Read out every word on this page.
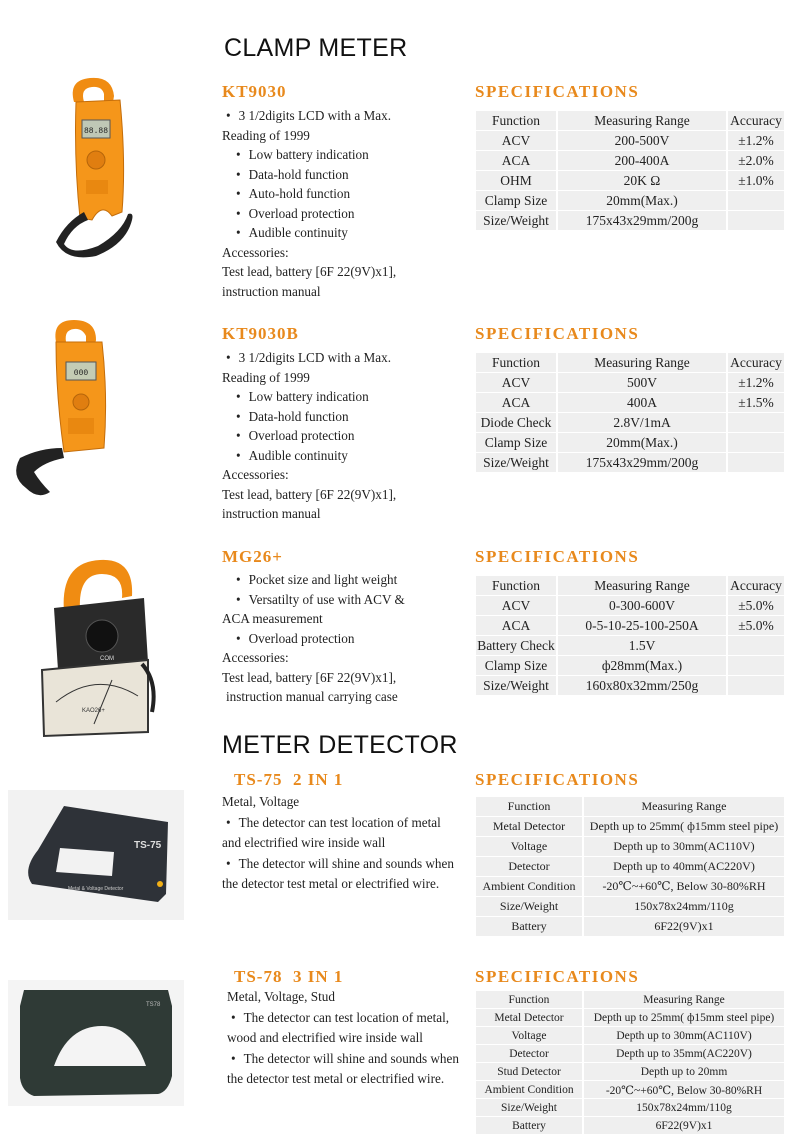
CLAMP METER
88.88
KT9030
• 3 1/2digits LCD with a Max.
Reading of 1999
• Low battery indication
• Data-hold function
• Auto-hold function
• Overload protection
• Audible continuity
Accessories:
Test lead, battery [6F 22(9V)x1],
instruction manual
SPECIFICATIONS
Function	Measuring Range	Accuracy
ACV	200-500V	±1.2%
ACA	200-400A	±2.0%
OHM	20K Ω	±1.0%
Clamp Size	20mm(Max.)	
Size/Weight	175x43x29mm/200g	
000
KT9030B
• 3 1/2digits LCD with a Max.
Reading of 1999
• Low battery indication
• Data-hold function
• Overload protection
• Audible continuity
Accessories:
Test lead, battery [6F 22(9V)x1],
instruction manual
SPECIFICATIONS
Function	Measuring Range	Accuracy
ACV	500V	±1.2%
ACA	400A	±1.5%
Diode Check	2.8V/1mA	
Clamp Size	20mm(Max.)	
Size/Weight	175x43x29mm/200g	
COM
KAO26+
MG26+
• Pocket size and light weight
• Versatilty of use with ACV &
ACA measurement
• Overload protection
Accessories:
Test lead, battery [6F 22(9V)x1],
instruction manual carrying case
SPECIFICATIONS
Function	Measuring Range	Accuracy
ACV	0-300-600V	±5.0%
ACA	0-5-10-25-100-250A	±5.0%
Battery Check	1.5V	
Clamp Size	ф28mm(Max.)	
Size/Weight	160x80x32mm/250g	
METER DETECTOR
TS-75
Metal & Voltage Detector
TS-75  2 IN 1
Metal, Voltage
• The detector can test location of metal
and electrified wire inside wall
• The detector will shine and sounds when
the detector test metal or electrified wire.
SPECIFICATIONS
Function	Measuring Range
Metal Detector	Depth up to 25mm( ф15mm steel pipe)
Voltage	Depth up to 30mm(AC110V)
Detector	Depth up to 40mm(AC220V)
Ambient Condition	-20℃~+60℃, Below 30-80%RH
Size/Weight	150x78x24mm/110g
Battery	6F22(9V)x1
TS78
TS-78  3 IN 1
Metal, Voltage, Stud
• The detector can test location of metal,
wood and electrified wire inside wall
• The detector will shine and sounds when
the detector test metal or electrified wire.
SPECIFICATIONS
Function	Measuring Range
Metal Detector	Depth up to 25mm( ф15mm steel pipe)
Voltage	Depth up to 30mm(AC110V)
Detector	Depth up to 35mm(AC220V)
Stud Detector	Depth up to 20mm
Ambient Condition	-20℃~+60℃, Below 30-80%RH
Size/Weight	150x78x24mm/110g
Battery	6F22(9V)x1
